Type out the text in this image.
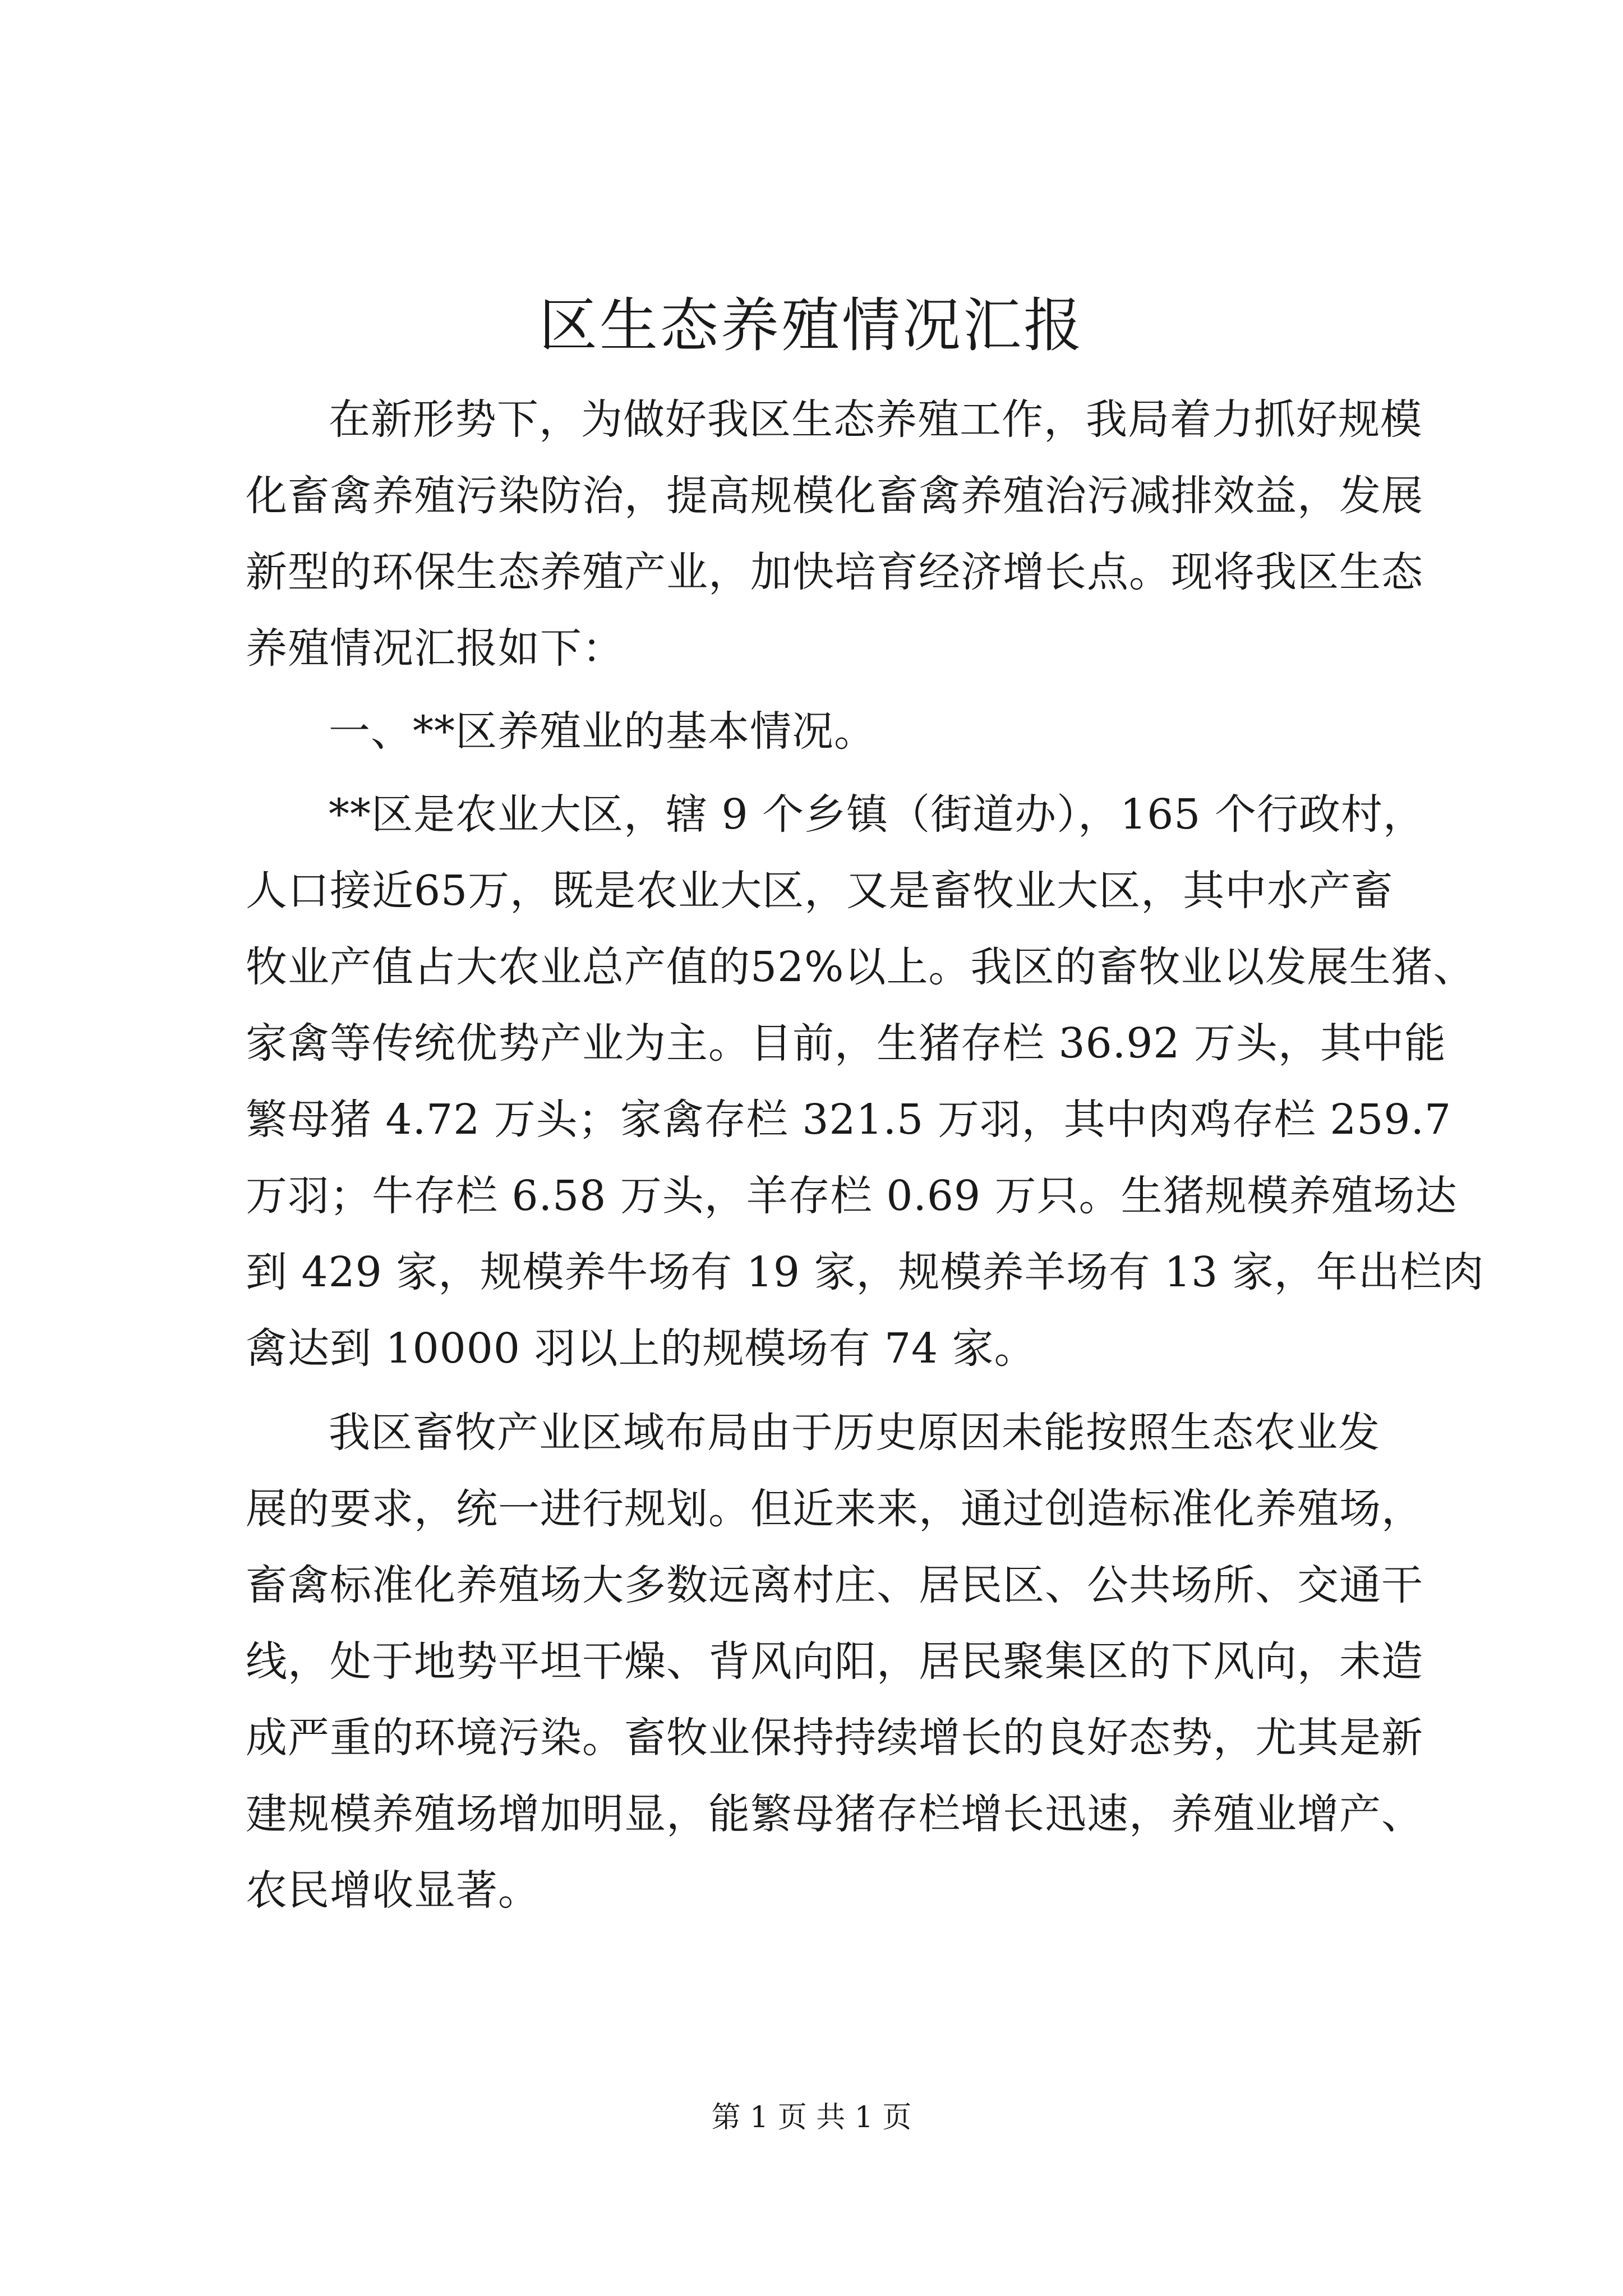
区生态养殖情况汇报
在新形势下，为做好我区生态养殖工作，我局着力抓好规模
化畜禽养殖污染防治，提高规模化畜禽养殖治污减排效益，发展
新型的环保生态养殖产业，加快培育经济增长点。现将我区生态
养殖情况汇报如下：
一、**区养殖业的基本情况。
**区是农业大区，辖 9 个乡镇（街道办），165 个行政村，
人口接近65万，既是农业大区，又是畜牧业大区，其中水产畜
牧业产值占大农业总产值的52%以上。我区的畜牧业以发展生猪、
家禽等传统优势产业为主。目前，生猪存栏 36.92 万头，其中能
繁母猪 4.72 万头；家禽存栏 321.5 万羽，其中肉鸡存栏 259.7
万羽；牛存栏 6.58 万头，羊存栏 0.69 万只。生猪规模养殖场达
到 429 家，规模养牛场有 19 家，规模养羊场有 13 家，年出栏肉
禽达到 10000 羽以上的规模场有 74 家。
我区畜牧产业区域布局由于历史原因未能按照生态农业发
展的要求，统一进行规划。但近来来，通过创造标准化养殖场，
畜禽标准化养殖场大多数远离村庄、居民区、公共场所、交通干
线，处于地势平坦干燥、背风向阳，居民聚集区的下风向，未造
成严重的环境污染。畜牧业保持持续增长的良好态势，尤其是新
建规模养殖场增加明显，能繁母猪存栏增长迅速，养殖业增产、
农民增收显著。
第 1 页 共 1 页
